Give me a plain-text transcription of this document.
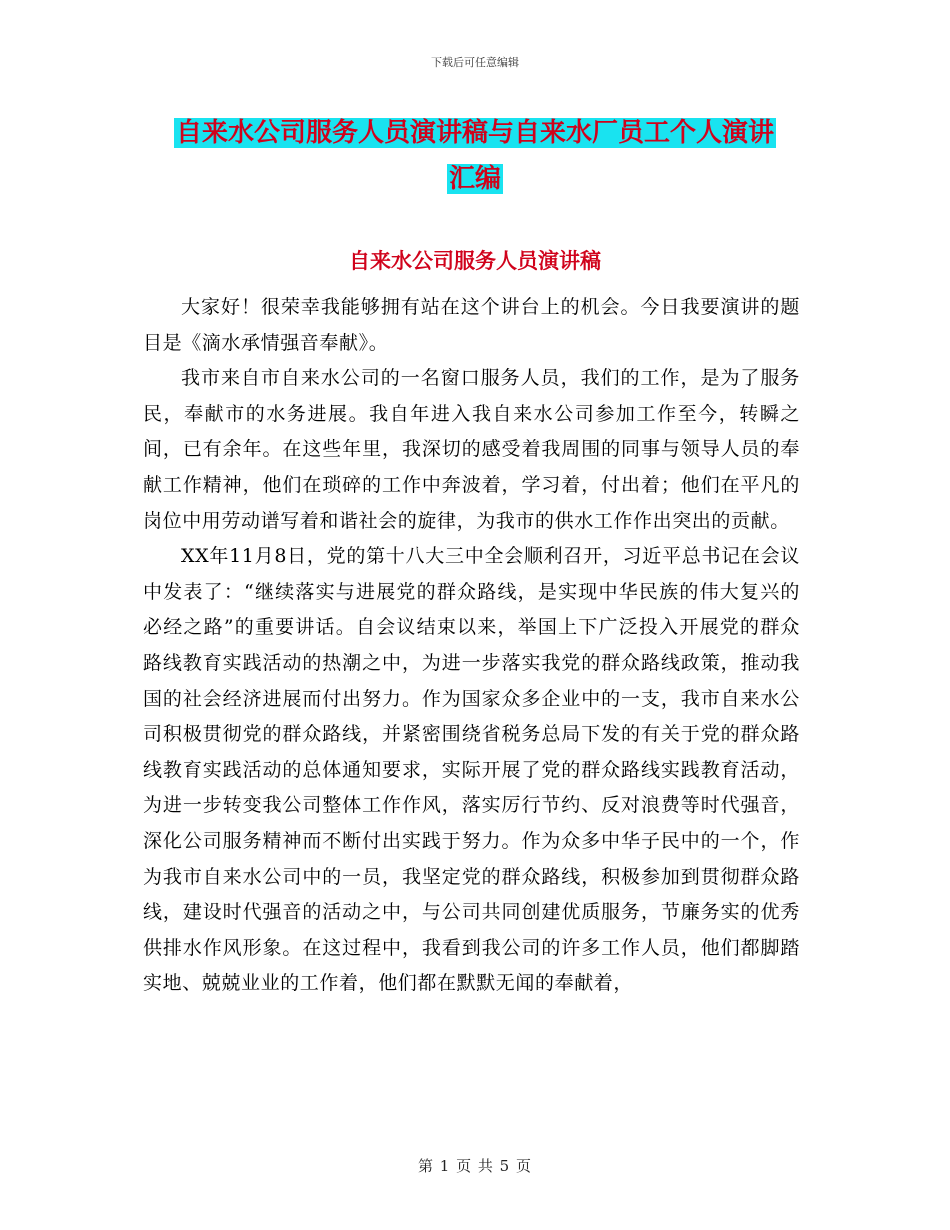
下载后可任意编辑
自来水公司服务人员演讲稿与自来水厂员工个人演讲
汇编
自来水公司服务人员演讲稿

大家好！很荣幸我能够拥有站在这个讲台上的机会。今日我要演讲的题目是《滴水承情强音奉献》。

我市来自市自来水公司的一名窗口服务人员，我们的工作，是为了服务民，奉献市的水务进展。我自年进入我自来水公司参加工作至今，转瞬之间，已有余年。在这些年里，我深切的感受着我周围的同事与领导人员的奉献工作精神，他们在琐碎的工作中奔波着，学习着，付出着；他们在平凡的岗位中用劳动谱写着和谐社会的旋律，为我市的供水工作作出突出的贡献。

XX年11月8日，党的第十八大三中全会顺利召开，习近平总书记在会议中发表了：“继续落实与进展党的群众路线，是实现中华民族的伟大复兴的必经之路”的重要讲话。自会议结束以来，举国上下广泛投入开展党的群众路线教育实践活动的热潮之中，为进一步落实我党的群众路线政策，推动我国的社会经济进展而付出努力。作为国家众多企业中的一支，我市自来水公司积极贯彻党的群众路线，并紧密围绕省税务总局下发的有关于党的群众路线教育实践活动的总体通知要求，实际开展了党的群众路线实践教育活动，为进一步转变我公司整体工作作风，落实厉行节约、反对浪费等时代强音，深化公司服务精神而不断付出实践于努力。作为众多中华子民中的一个，作为我市自来水公司中的一员，我坚定党的群众路线，积极参加到贯彻群众路线，建设时代强音的活动之中，与公司共同创建优质服务，节廉务实的优秀供排水作风形象。在这过程中，我看到我公司的许多工作人员，他们都脚踏实地、兢兢业业的工作着，他们都在默默无闻的奉献着，

第 1 页 共 5 页
